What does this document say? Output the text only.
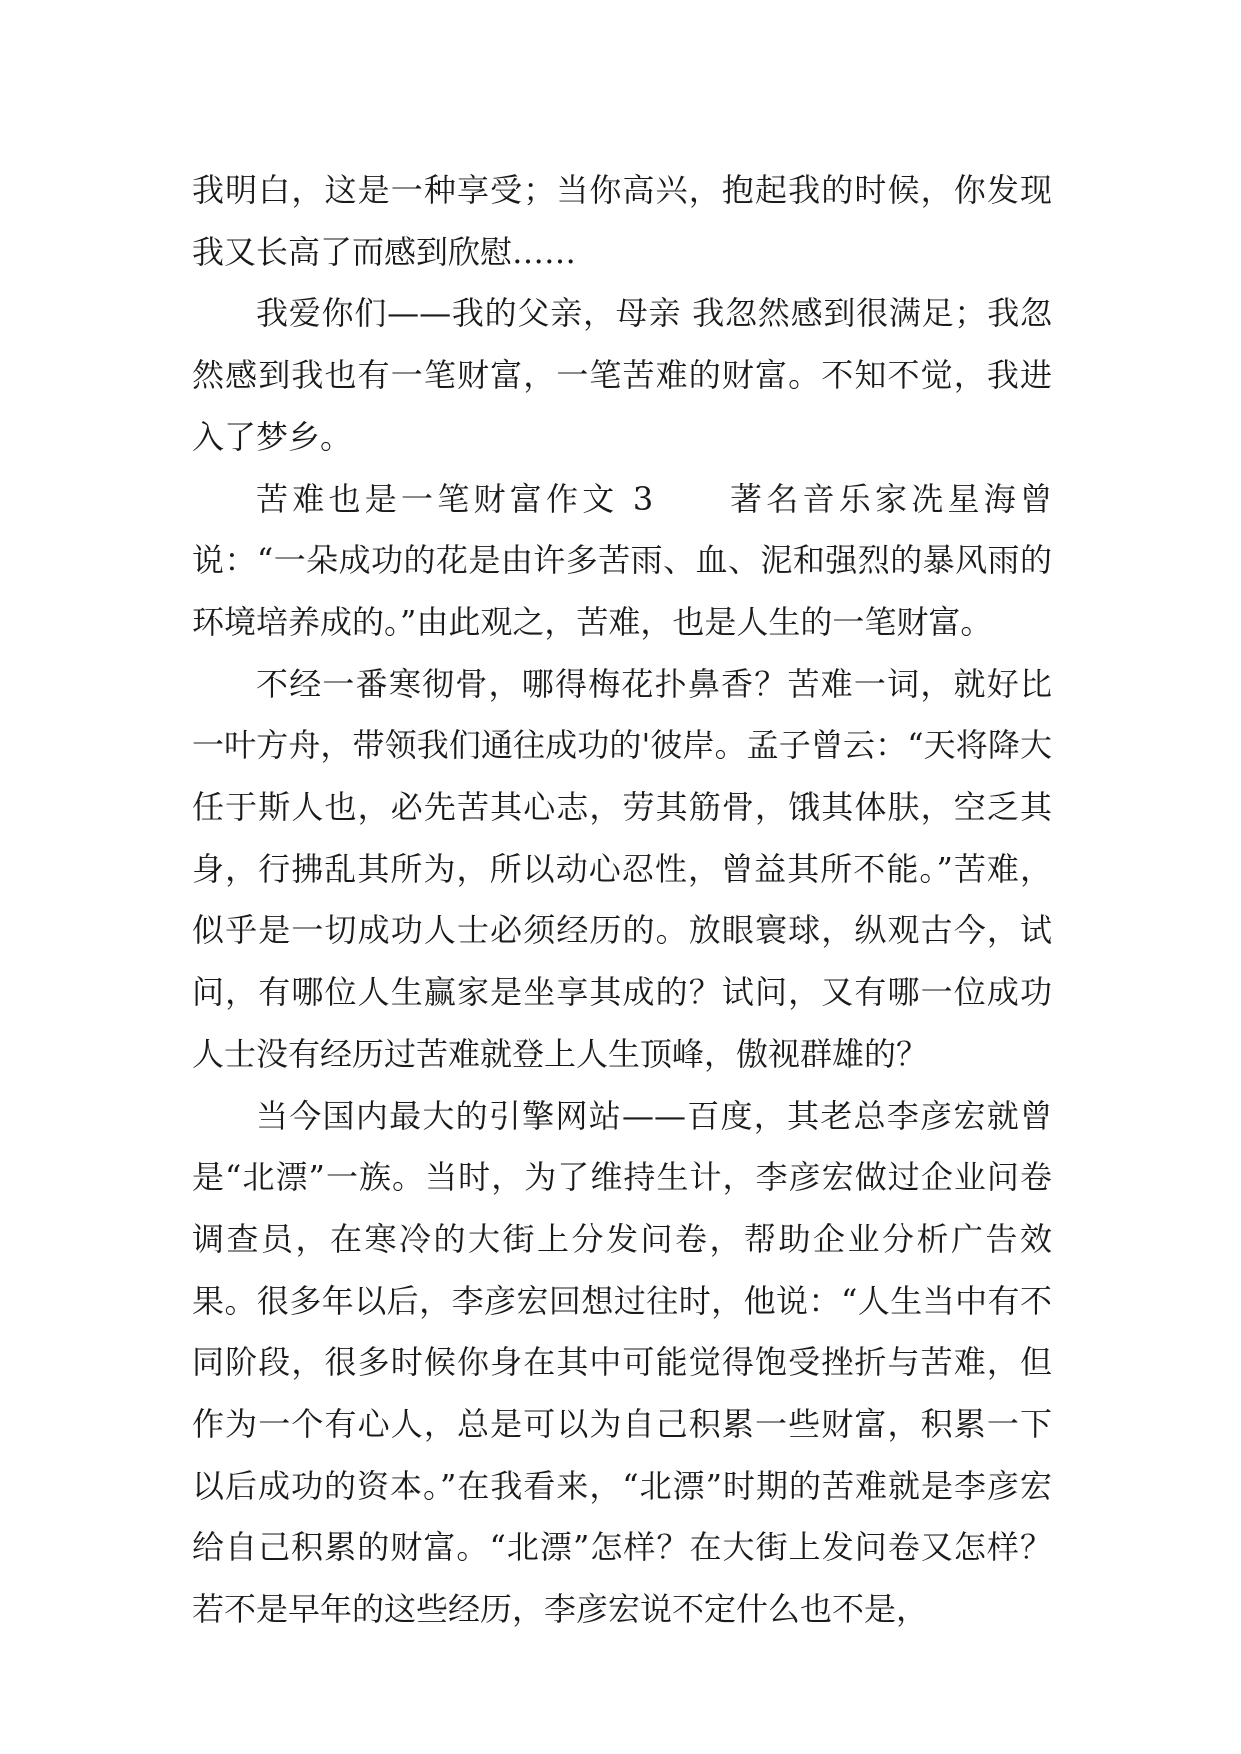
我明白，这是一种享受；当你高兴，抱起我的时候，你发现我又长高了而感到欣慰……

我爱你们——我的父亲，母亲 我忽然感到很满足；我忽然感到我也有一笔财富，一笔苦难的财富。不知不觉，我进入了梦乡。

苦难也是一笔财富作文 3　　著名音乐家冼星海曾说：“一朵成功的花是由许多苦雨、血、泥和强烈的暴风雨的环境培养成的。”由此观之，苦难，也是人生的一笔财富。

不经一番寒彻骨，哪得梅花扑鼻香？苦难一词，就好比一叶方舟，带领我们通往成功的'彼岸。孟子曾云：“天将降大任于斯人也，必先苦其心志，劳其筋骨，饿其体肤，空乏其身，行拂乱其所为，所以动心忍性，曾益其所不能。”苦难，似乎是一切成功人士必须经历的。放眼寰球，纵观古今，试问，有哪位人生赢家是坐享其成的？试问，又有哪一位成功人士没有经历过苦难就登上人生顶峰，傲视群雄的？

当今国内最大的引擎网站——百度，其老总李彦宏就曾是“北漂”一族。当时，为了维持生计，李彦宏做过企业问卷调查员，在寒冷的大街上分发问卷，帮助企业分析广告效果。很多年以后，李彦宏回想过往时，他说：“人生当中有不同阶段，很多时候你身在其中可能觉得饱受挫折与苦难，但作为一个有心人，总是可以为自己积累一些财富，积累一下以后成功的资本。”在我看来，“北漂”时期的苦难就是李彦宏给自己积累的财富。“北漂”怎样？在大街上发问卷又怎样？若不是早年的这些经历，李彦宏说不定什么也不是，
